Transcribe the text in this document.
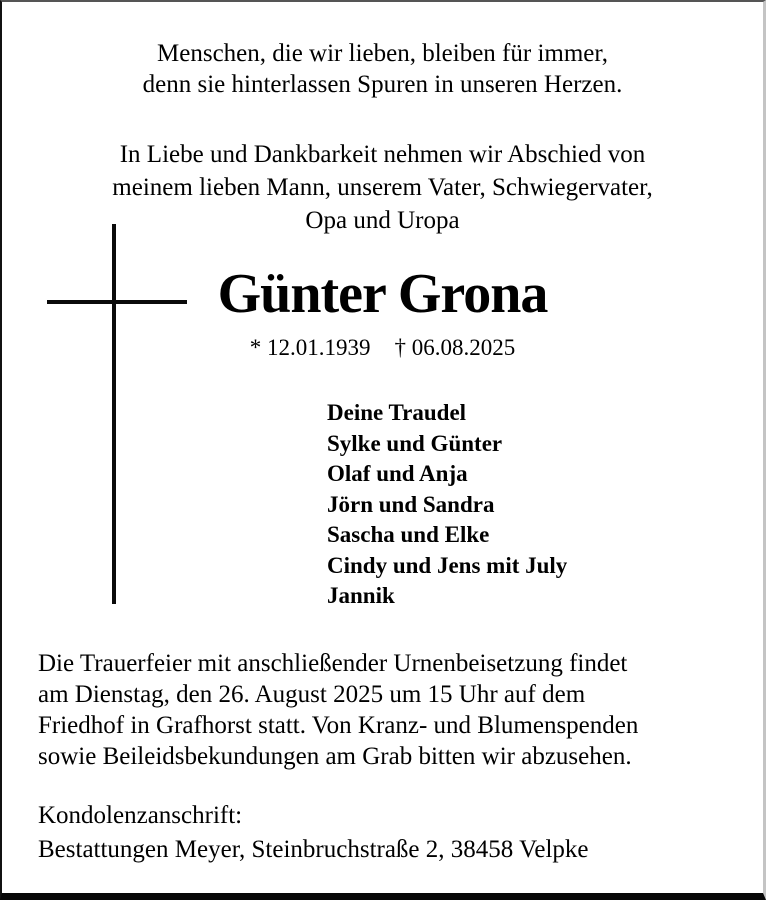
Menschen, die wir lieben, bleiben für immer,

denn sie hinterlassen Spuren in unseren Herzen.

In Liebe und Dankbarkeit nehmen wir Abschied von

meinem lieben Mann, unserem Vater, Schwiegervater,

Opa und Uropa

Günter Grona
* 12.01.1939 † 06.08.2025

Deine Traudel

Sylke und Günter

Olaf und Anja

Jörn und Sandra

Sascha und Elke

Cindy und Jens mit July

Jannik

Die Trauerfeier mit anschließender Urnenbeisetzung findet

am Dienstag, den 26. August 2025 um 15 Uhr auf dem

Friedhof in Grafhorst statt. Von Kranz- und Blumenspenden

sowie Beileidsbekundungen am Grab bitten wir abzusehen.

Kondolenzanschrift:

Bestattungen Meyer, Steinbruchstraße 2, 38458 Velpke
